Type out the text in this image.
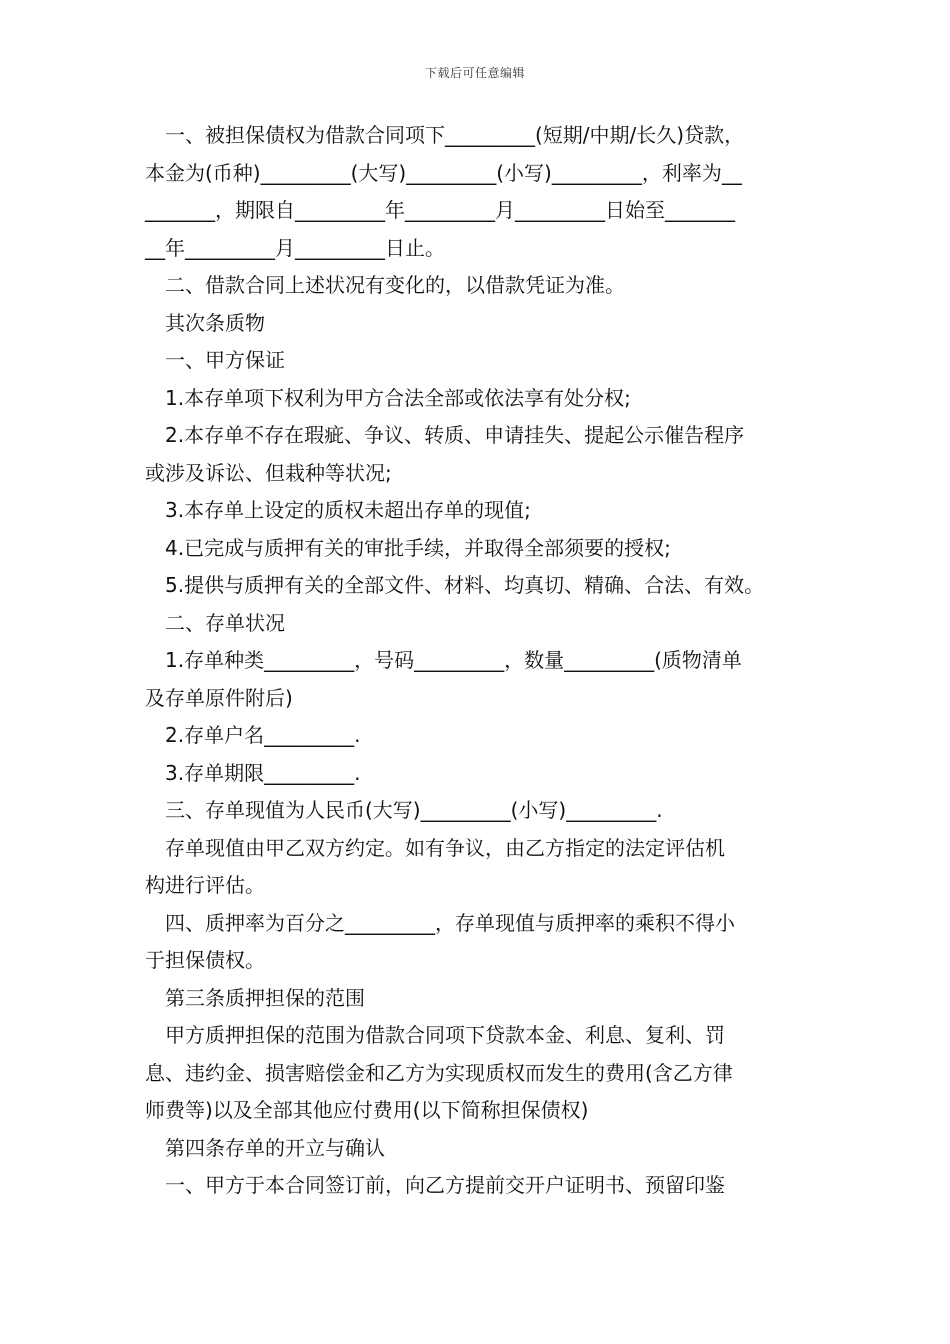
下载后可任意编辑
一、被担保债权为借款合同项下_________(短期/中期/长久)贷款，
本金为(币种)_________(大写)_________(小写)_________，利率为__
_______，期限自_________年_________月_________日始至_______
__年_________月_________日止。
二、借款合同上述状况有变化的，以借款凭证为准。
其次条质物
一、甲方保证
1.本存单项下权利为甲方合法全部或依法享有处分权;
2.本存单不存在瑕疵、争议、转质、申请挂失、提起公示催告程序
或涉及诉讼、但栽种等状况;
3.本存单上设定的质权未超出存单的现值;
4.已完成与质押有关的审批手续，并取得全部须要的授权;
5.提供与质押有关的全部文件、材料、均真切、精确、合法、有效。
二、存单状况
1.存单种类_________，号码_________，数量_________(质物清单
及存单原件附后)
2.存单户名_________.
3.存单期限_________.
三、存单现值为人民币(大写)_________(小写)_________.
存单现值由甲乙双方约定。如有争议，由乙方指定的法定评估机
构进行评估。
四、质押率为百分之_________，存单现值与质押率的乘积不得小
于担保债权。
第三条质押担保的范围
甲方质押担保的范围为借款合同项下贷款本金、利息、复利、罚
息、违约金、损害赔偿金和乙方为实现质权而发生的费用(含乙方律
师费等)以及全部其他应付费用(以下简称担保债权)
第四条存单的开立与确认
一、甲方于本合同签订前，向乙方提前交开户证明书、预留印鉴
